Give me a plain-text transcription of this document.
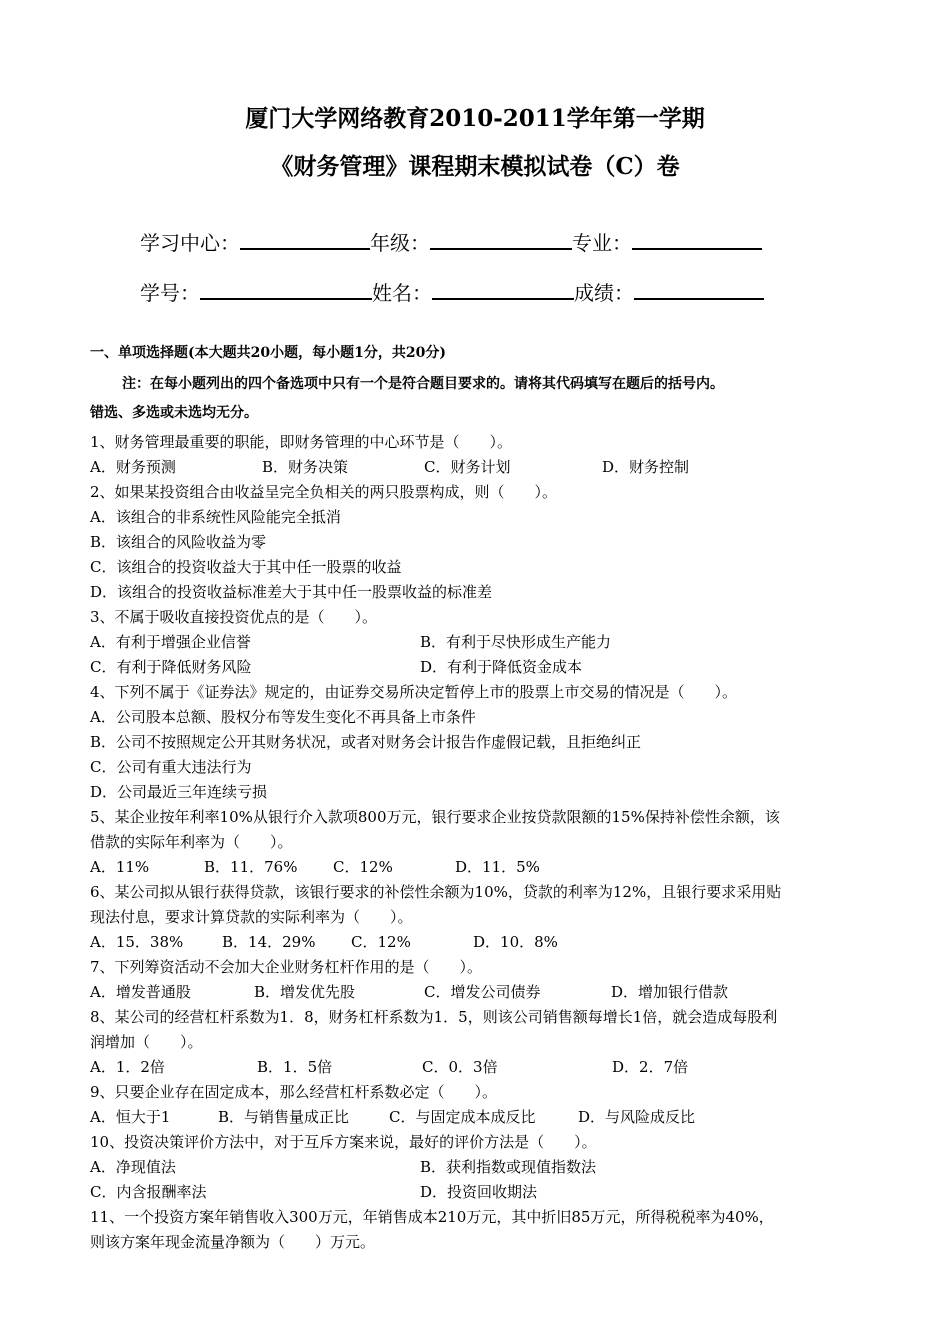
厦门大学网络教育2010-2011学年第一学期
《财务管理》课程期末模拟试卷（C）卷
学习中心：	年级：	专业：
学号：	姓名：	成绩：
一、单项选择题(本大题共20小题，每小题1分，共20分)
注：在每小题列出的四个备选项中只有一个是符合题目要求的。请将其代码填写在题后的括号内。
错选、多选或未选均无分。
1、财务管理最重要的职能，即财务管理的中心环节是（　　）。
A．财务预测	B．财务决策	C．财务计划	D．财务控制
2、如果某投资组合由收益呈完全负相关的两只股票构成，则（　　）。
A．该组合的非系统性风险能完全抵消
B．该组合的风险收益为零
C．该组合的投资收益大于其中任一股票的收益
D．该组合的投资收益标准差大于其中任一股票收益的标准差
3、不属于吸收直接投资优点的是（　　）。
A．有利于增强企业信誉	B．有利于尽快形成生产能力
C．有利于降低财务风险	D．有利于降低资金成本
4、下列不属于《证券法》规定的，由证券交易所决定暂停上市的股票上市交易的情况是（　　）。
A．公司股本总额、股权分布等发生变化不再具备上市条件
B．公司不按照规定公开其财务状况，或者对财务会计报告作虚假记载，且拒绝纠正
C．公司有重大违法行为
D．公司最近三年连续亏损
5、某企业按年利率10%从银行介入款项800万元，银行要求企业按贷款限额的15%保持补偿性余额，该
借款的实际年利率为（　　）。
A．11%	B．11．76% C．12%	D．11．5%
6、某公司拟从银行获得贷款，该银行要求的补偿性余额为10%，贷款的利率为12%，且银行要求采用贴
现法付息，要求计算贷款的实际利率为（　　）。
A．15．38%	B．14．29% C．12%	D．10．8%
7、下列筹资活动不会加大企业财务杠杆作用的是（　　）。
A．增发普通股	B．增发优先股	C．增发公司债券	D．增加银行借款
8、某公司的经营杠杆系数为1．8，财务杠杆系数为1．5，则该公司销售额每增长1倍，就会造成每股利
润增加（　　）。
A．1．2倍	B．1．5倍	C．0．3倍	D．2．7倍
9、只要企业存在固定成本，那么经营杠杆系数必定（　　）。
A．恒大于1	B．与销售量成正比	C．与固定成本成反比	D．与风险成反比
10、投资决策评价方法中，对于互斥方案来说，最好的评价方法是（　　）。
A．净现值法	B．获利指数或现值指数法
C．内含报酬率法	D．投资回收期法
11、一个投资方案年销售收入300万元，年销售成本210万元，其中折旧85万元，所得税税率为40%，
则该方案年现金流量净额为（　　）万元。
